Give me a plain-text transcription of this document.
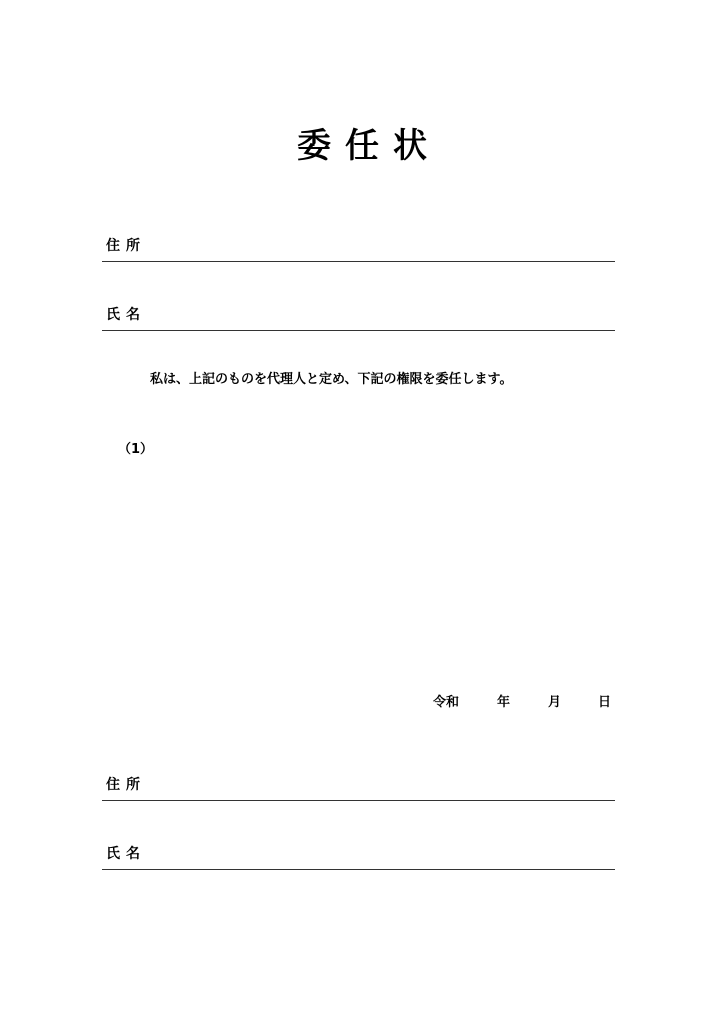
委任状
住所
氏名
私は、上記のものを代理人と定め、下記の権限を委任します。
（1）
令和	年	月	日
住所
氏名
